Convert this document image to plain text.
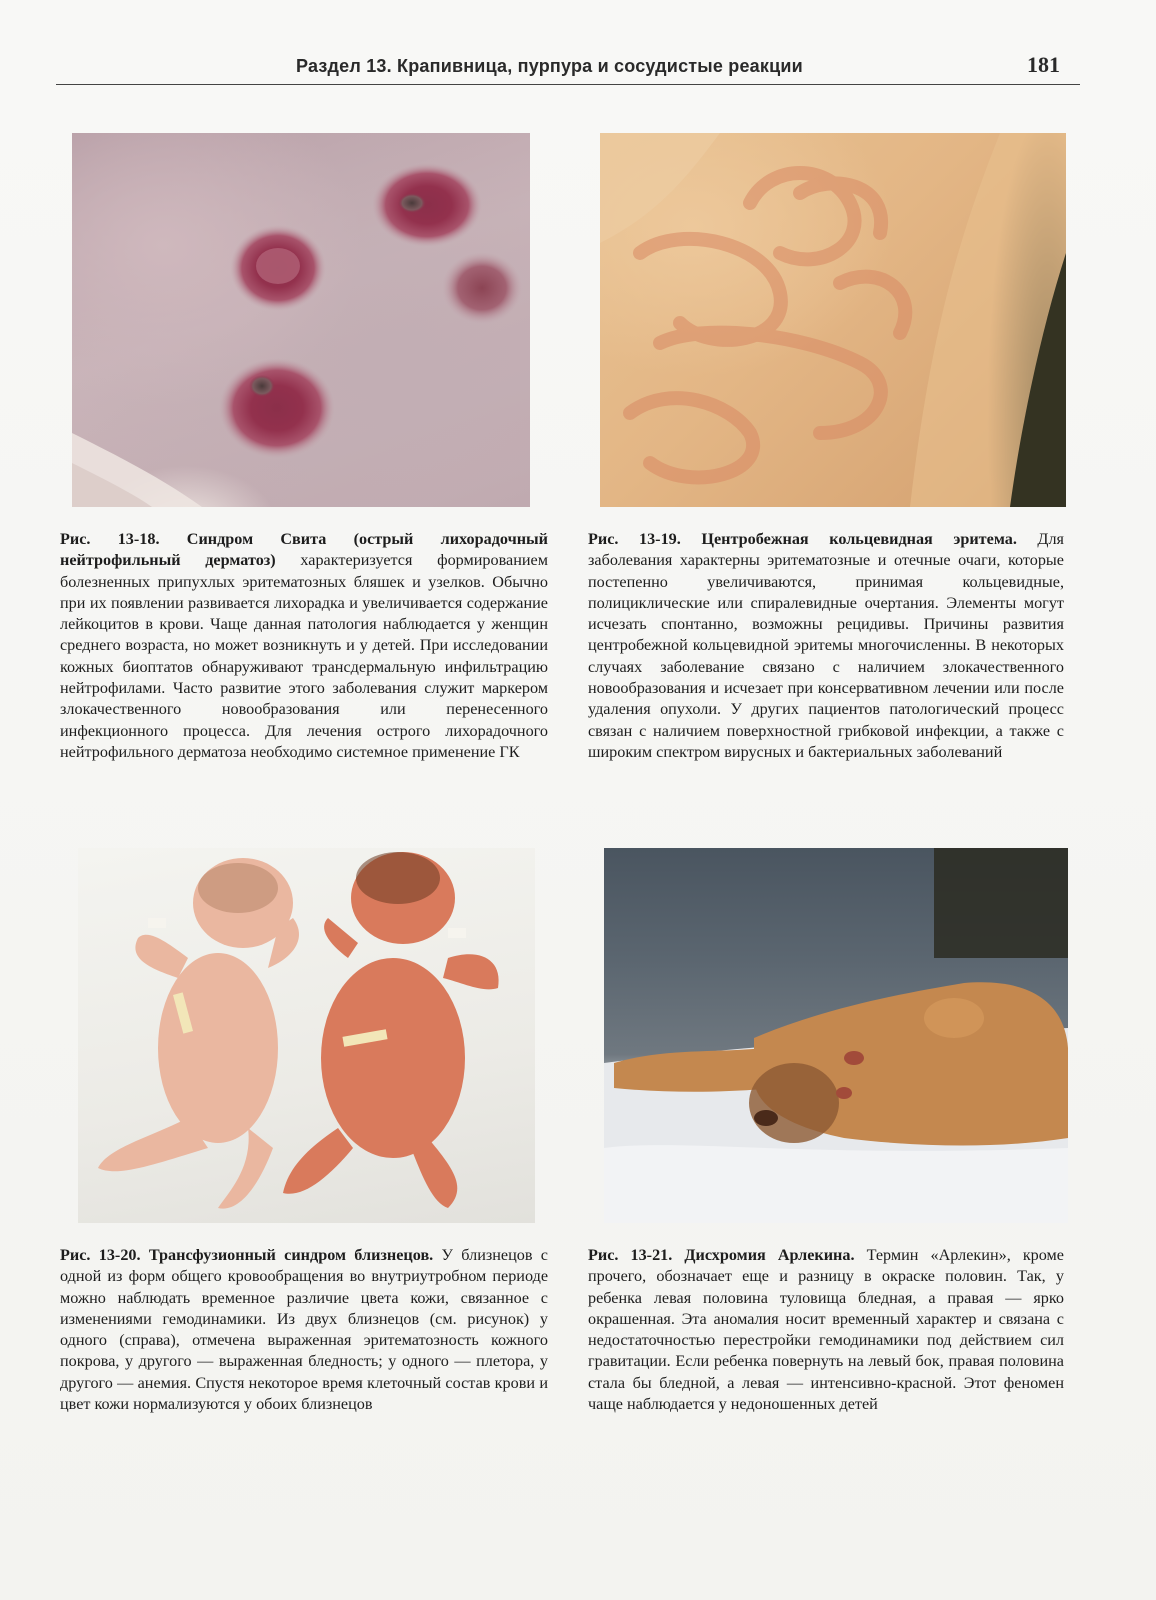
Раздел 13. Крапивница, пурпура и сосудистые реакции	181

Рис. 13-18. Синдром Свита (острый лихорадочный нейтрофильный дерматоз) характеризуется формированием болезненных припухлых эритематозных бляшек и узелков. Обычно при их появлении развивается лихорадка и увеличивается содержание лейкоцитов в крови. Чаще данная патология наблюдается у женщин среднего возраста, но может возникнуть и у детей. При исследовании кожных биоптатов обнаруживают трансдермальную инфильтрацию нейтрофилами. Часто развитие этого заболевания служит маркером злокачественного новообразования или перенесенного инфекционного процесса. Для лечения острого лихорадочного нейтрофильного дерматоза необходимо системное применение ГК

Рис. 13-19. Центробежная кольцевидная эритема. Для заболевания характерны эритематозные и отечные очаги, которые постепенно увеличиваются, принимая кольцевидные, полициклические или спиралевидные очертания. Элементы могут исчезать спонтанно, возможны рецидивы. Причины развития центробежной кольцевидной эритемы многочисленны. В некоторых случаях заболевание связано с наличием злокачественного новообразования и исчезает при консервативном лечении или после удаления опухоли. У других пациентов патологический процесс связан с наличием поверхностной грибковой инфекции, а также с широким спектром вирусных и бактериальных заболеваний

Рис. 13-20. Трансфузионный синдром близнецов. У близнецов с одной из форм общего кровообращения во внутриутробном периоде можно наблюдать временное различие цвета кожи, связанное с изменениями гемодинамики. Из двух близнецов (см. рисунок) у одного (справа), отмечена выраженная эритематозность кожного покрова, у другого — выраженная бледность; у одного — плетора, у другого — анемия. Спустя некоторое время клеточный состав крови и цвет кожи нормализуются у обоих близнецов

Рис. 13-21. Дисхромия Арлекина. Термин «Арлекин», кроме прочего, обозначает еще и разницу в окраске половин. Так, у ребенка левая половина туловища бледная, а правая — ярко окрашенная. Эта аномалия носит временный характер и связана с недостаточностью перестройки гемодинамики под действием сил гравитации. Если ребенка повернуть на левый бок, правая половина стала бы бледной, а левая — интенсивно-красной. Этот феномен чаще наблюдается у недоношенных детей
